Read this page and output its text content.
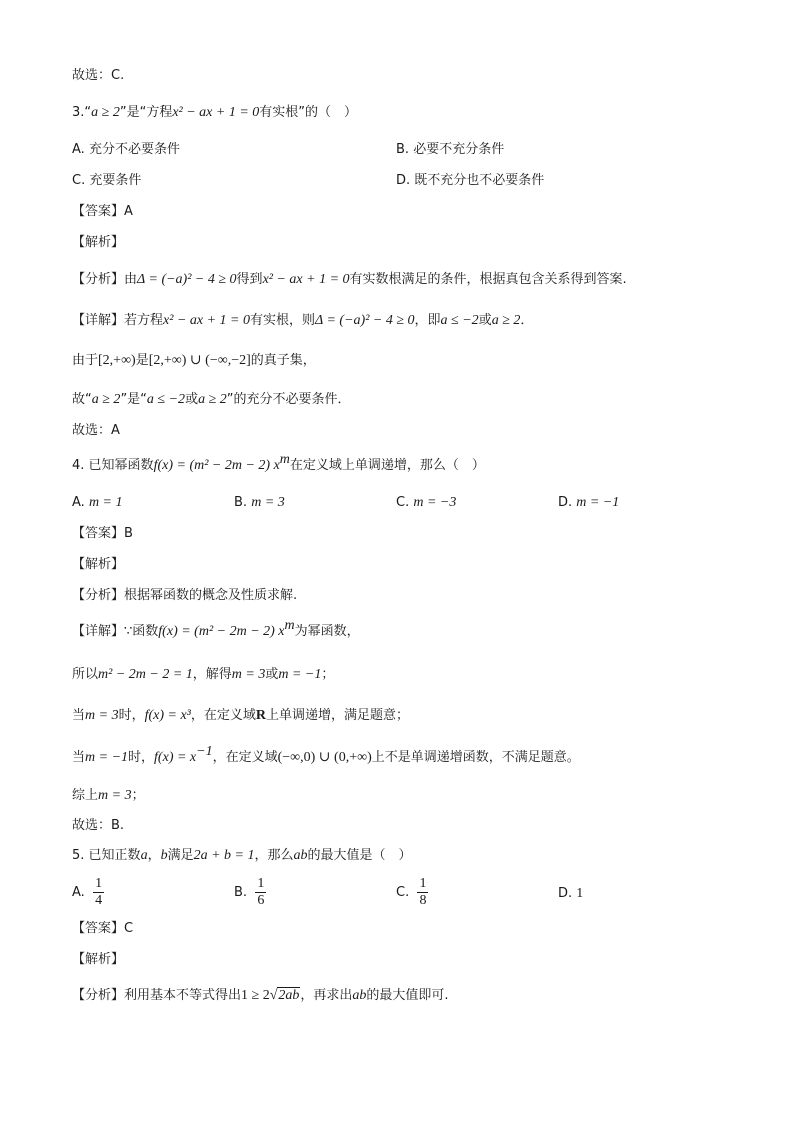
故选：C.
3.“a ≥ 2”是“方程x² − ax + 1 = 0有实根”的（　）
A. 充分不必要条件	B. 必要不充分条件
C. 充要条件	D. 既不充分也不必要条件
【答案】A
【解析】
【分析】由Δ = (−a)² − 4 ≥ 0得到x² − ax + 1 = 0有实数根满足的条件，根据真包含关系得到答案.
【详解】若方程x² − ax + 1 = 0有实根，则Δ = (−a)² − 4 ≥ 0，即a ≤ −2或a ≥ 2．
由于[2,+∞)是[2,+∞) ∪ (−∞,−2]的真子集，
故“a ≥ 2”是“a ≤ −2或a ≥ 2”的充分不必要条件．
故选：A
4. 已知幂函数f(x) = (m² − 2m − 2) $x^m$在定义域上单调递增，那么（　）
A. m = 1	B. m = 3	C. m = −3	D. m = −1
【答案】B
【解析】
【分析】根据幂函数的概念及性质求解.
【详解】∵函数f(x) = (m² − 2m − 2) $x^m$为幂函数，
所以m² − 2m − 2 = 1，解得m = 3或m = −1；
当m = 3时，f(x) = x³，在定义域R上单调递增，满足题意；
当m = −1时，$f(x) = x^{-1}$，在定义域(−∞,0) ∪ (0,+∞)上不是单调递增函数，不满足题意。
综上m = 3；
故选：B.
5. 已知正数a，b满足2a + b = 1，那么ab的最大值是（　）
A. $\frac{1}{4}$	B. $\frac{1}{6}$	C. $\frac{1}{8}$	D. 1
【答案】C
【解析】
【分析】利用基本不等式得出1 ≥ 2√2ab，再求出ab的最大值即可.
